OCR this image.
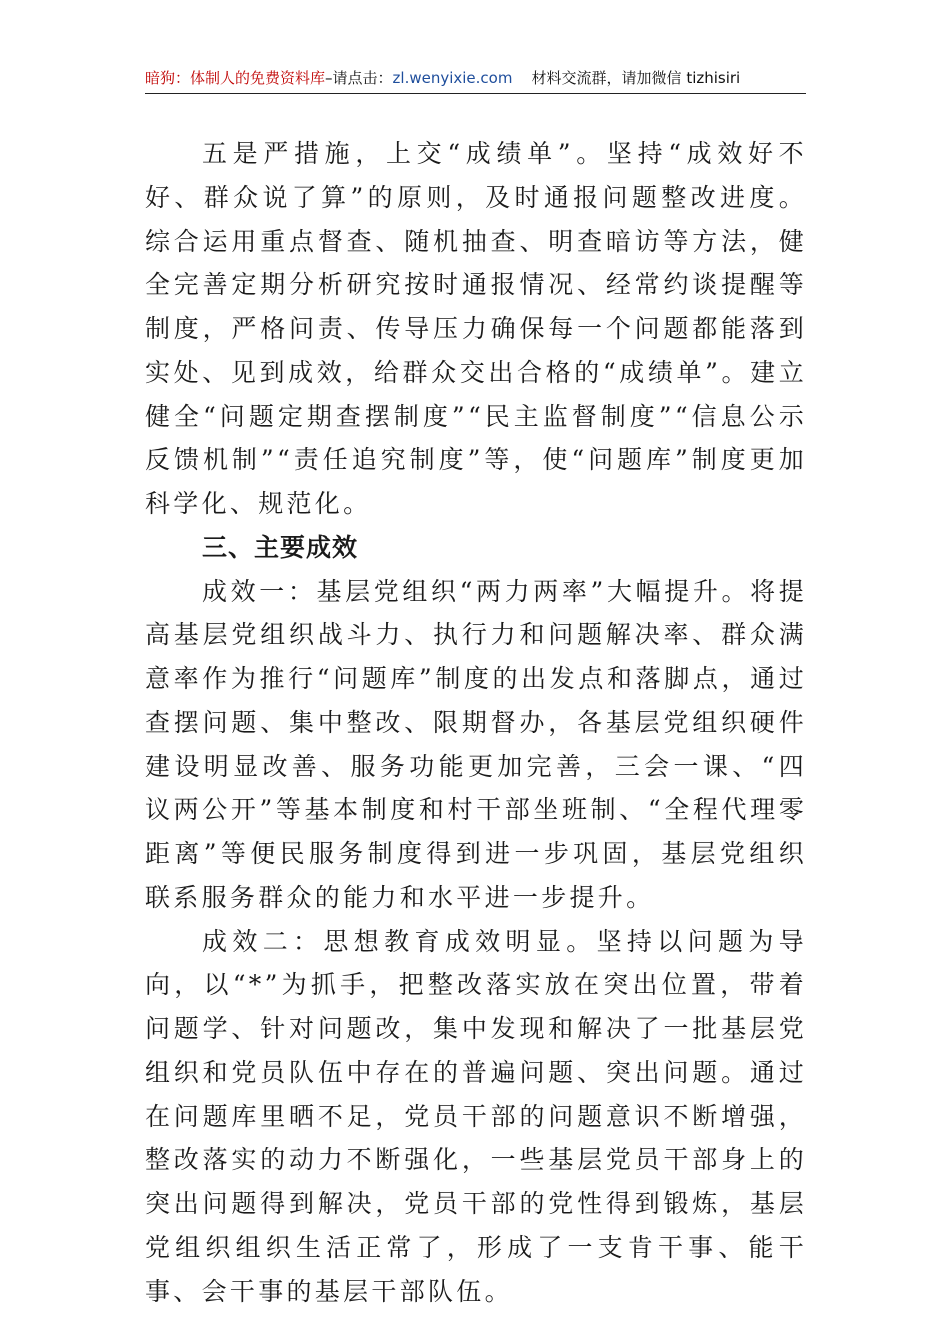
暗狗：体制人的免费资料库–请点击：zl.wenyixie.com 材料交流群，请加微信 tizhisiri

五是严措施，上交“成绩单”。坚持“成效好不好、群众说了算”的原则，及时通报问题整改进度。综合运用重点督查、随机抽查、明查暗访等方法，健全完善定期分析研究按时通报情况、经常约谈提醒等制度，严格问责、传导压力确保每一个问题都能落到实处、见到成效，给群众交出合格的“成绩单”。建立健全“问题定期查摆制度”“民主监督制度”“信息公示反馈机制”“责任追究制度”等，使“问题库”制度更加科学化、规范化。

三、主要成效

成效一：基层党组织“两力两率”大幅提升。将提高基层党组织战斗力、执行力和问题解决率、群众满意率作为推行“问题库”制度的出发点和落脚点，通过查摆问题、集中整改、限期督办，各基层党组织硬件建设明显改善、服务功能更加完善，三会一课、“四议两公开”等基本制度和村干部坐班制、“全程代理零距离”等便民服务制度得到进一步巩固，基层党组织联系服务群众的能力和水平进一步提升。

成效二：思想教育成效明显。坚持以问题为导向，以“*”为抓手，把整改落实放在突出位置，带着问题学、针对问题改，集中发现和解决了一批基层党组织和党员队伍中存在的普遍问题、突出问题。通过在问题库里晒不足，党员干部的问题意识不断增强，整改落实的动力不断强化，一些基层党员干部身上的突出问题得到解决，党员干部的党性得到锻炼，基层党组织组织生活正常了，形成了一支肯干事、能干事、会干事的基层干部队伍。
